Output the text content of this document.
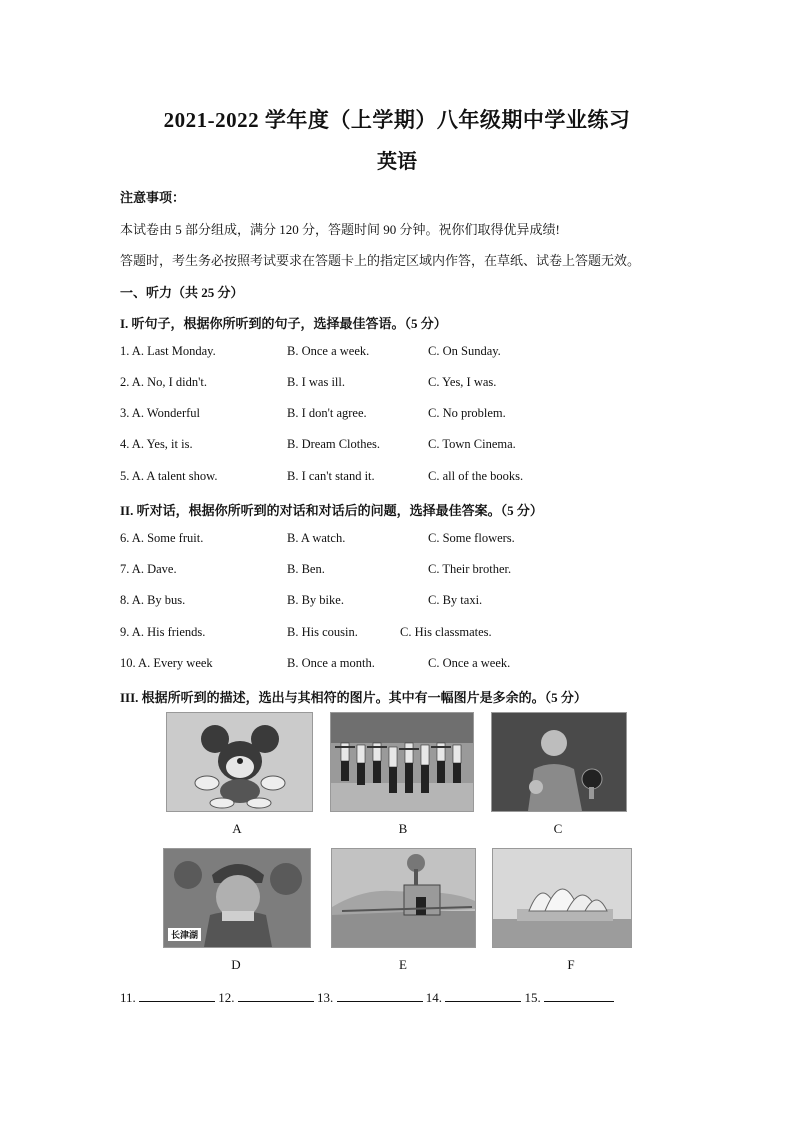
2021-2022 学年度（上学期）八年级期中学业练习
英语
注意事项：
本试卷由 5 部分组成，满分 120 分，答题时间 90 分钟。祝你们取得优异成绩!
答题时，考生务必按照考试要求在答题卡上的指定区域内作答，在草纸、试卷上答题无效。
一、听力（共 25 分）
I. 听句子，根据你所听到的句子，选择最佳答语。（5 分）
1. A. Last Monday.	B. Once a week.	C. On Sunday.
2. A. No, I didn't.	B. I was ill.	C. Yes, I was.
3. A. Wonderful	B. I don't agree.	C. No problem.
4. A. Yes, it is.	B. Dream Clothes.	C. Town Cinema.
5. A. A talent show.	B. I can't stand it.	C. all of the books.
II. 听对话，根据你所听到的对话和对话后的问题，选择最佳答案。（5 分）
6. A. Some fruit.	B. A watch.	C. Some flowers.
7. A. Dave.	B. Ben.	C. Their brother.
8. A. By bus.	B. By bike.	C. By taxi.
9. A. His friends.	B. His cousin.	C. His classmates.
10. A. Every week	B. Once a month.	C. Once a week.
III. 根据所听到的描述，选出与其相符的图片。其中有一幅图片是多余的。（5 分）
A	B	C
长津湖
D	E	F
11.	12.	13.	14.	15.
